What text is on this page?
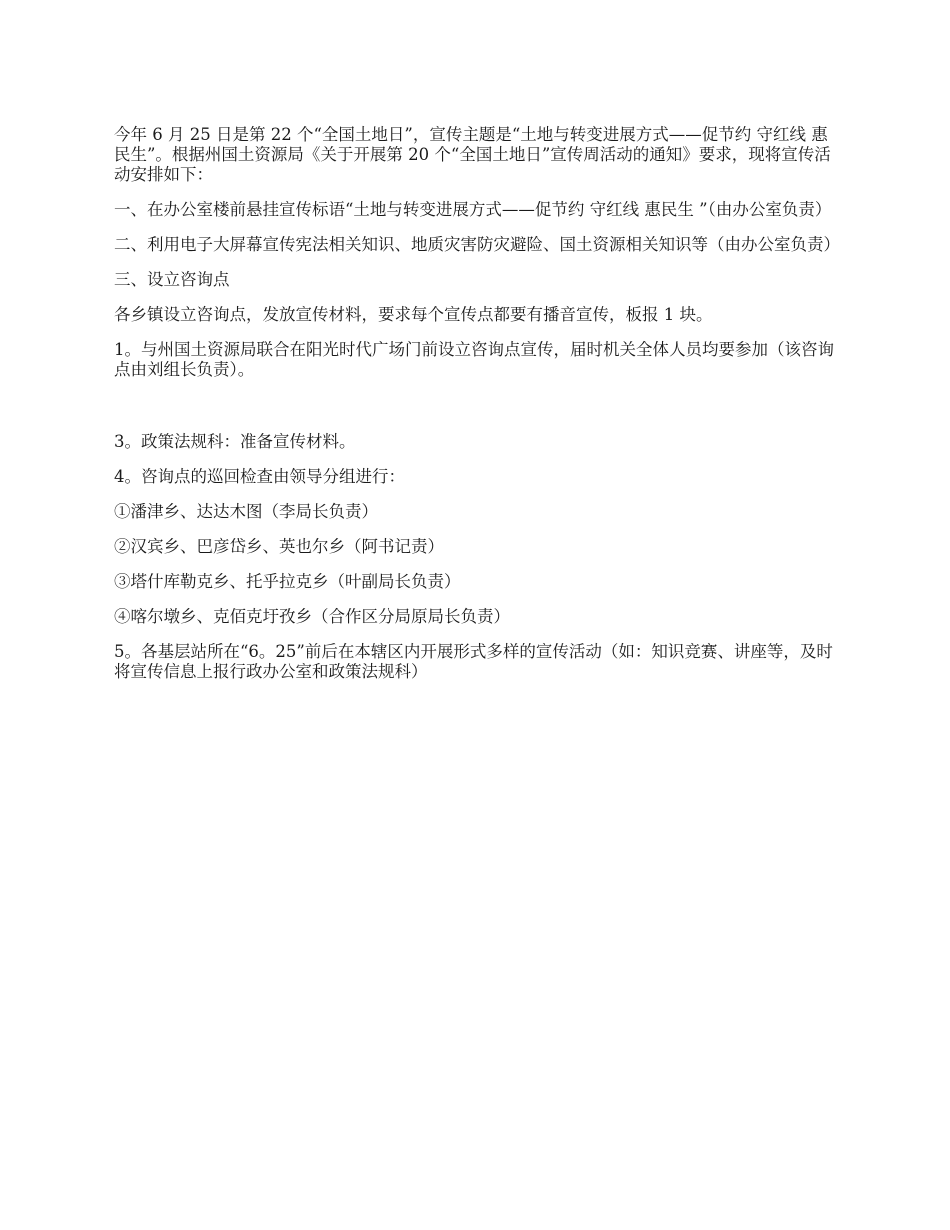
今年 6 月 25 日是第 22 个“全国土地日”，宣传主题是“土地与转变进展方式——促节约 守红线 惠民生”。根据州国土资源局《关于开展第 20 个“全国土地日”宣传周活动的通知》要求，现将宣传活动安排如下：

一、在办公室楼前悬挂宣传标语“土地与转变进展方式——促节约 守红线 惠民生 ”（由办公室负责）

二、利用电子大屏幕宣传宪法相关知识、地质灾害防灾避险、国土资源相关知识等（由办公室负责）

三、设立咨询点

各乡镇设立咨询点，发放宣传材料，要求每个宣传点都要有播音宣传，板报 1 块。

1。与州国土资源局联合在阳光时代广场门前设立咨询点宣传，届时机关全体人员均要参加（该咨询点由刘组长负责）。

3。政策法规科：准备宣传材料。

4。咨询点的巡回检查由领导分组进行：

①潘津乡、达达木图（李局长负责）

②汉宾乡、巴彦岱乡、英也尔乡（阿书记责）

③塔什库勒克乡、托乎拉克乡（叶副局长负责）

④喀尔墩乡、克佰克圩孜乡（合作区分局原局长负责）

5。各基层站所在“6。25”前后在本辖区内开展形式多样的宣传活动（如：知识竞赛、讲座等，及时将宣传信息上报行政办公室和政策法规科）
